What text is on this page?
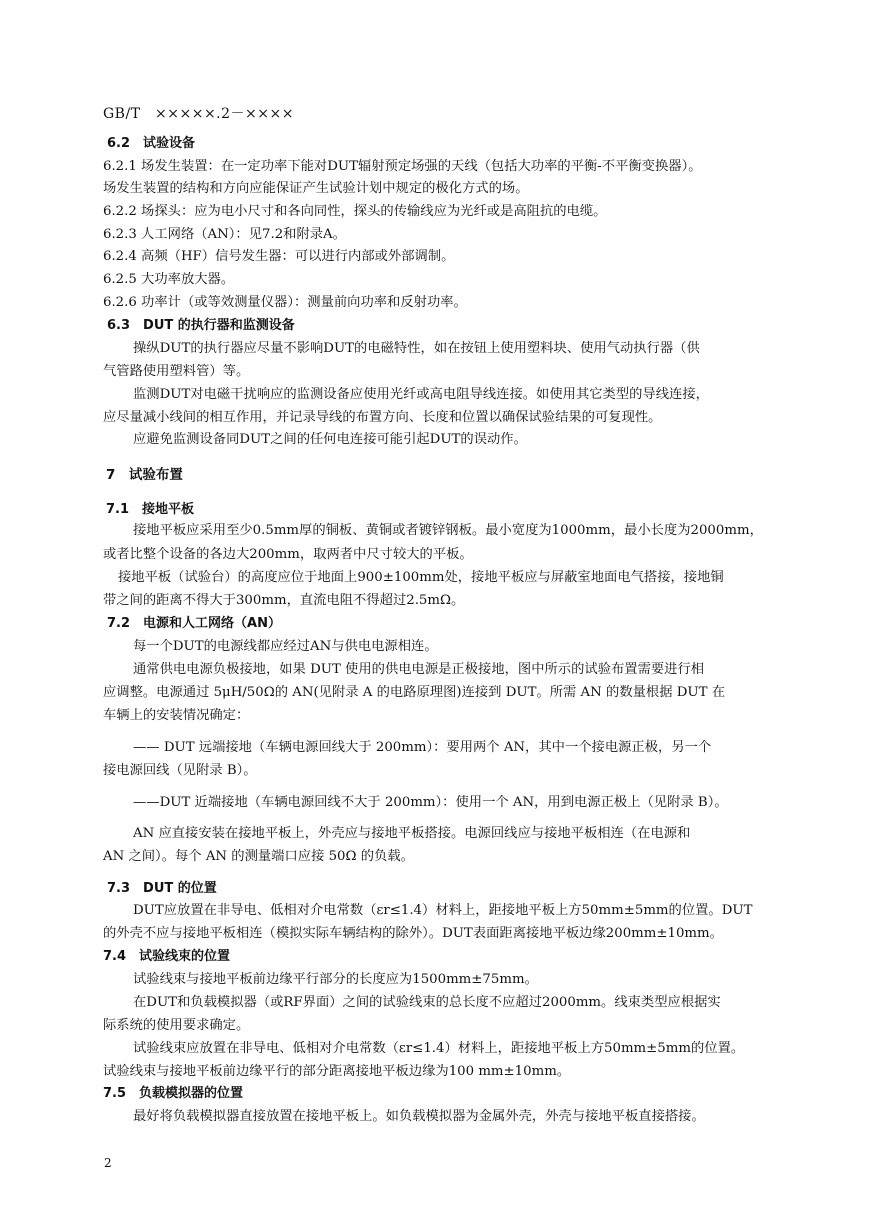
GB/T　×××××.2－××××
6.2　试验设备
6.2.1 场发生装置：在一定功率下能对DUT辐射预定场强的天线（包括大功率的平衡-不平衡变换器）。
场发生装置的结构和方向应能保证产生试验计划中规定的极化方式的场。
6.2.2 场探头：应为电小尺寸和各向同性，探头的传输线应为光纤或是高阻抗的电缆。
6.2.3 人工网络（AN）：见7.2和附录A。
6.2.4 高频（HF）信号发生器：可以进行内部或外部调制。
6.2.5 大功率放大器。
6.2.6 功率计（或等效测量仪器）：测量前向功率和反射功率。
6.3　DUT 的执行器和监测设备
操纵DUT的执行器应尽量不影响DUT的电磁特性，如在按钮上使用塑料块、使用气动执行器（供
气管路使用塑料管）等。
监测DUT对电磁干扰响应的监测设备应使用光纤或高电阻导线连接。如使用其它类型的导线连接，
应尽量减小线间的相互作用，并记录导线的布置方向、长度和位置以确保试验结果的可复现性。
应避免监测设备同DUT之间的任何电连接可能引起DUT的误动作。
7　试验布置
7.1　接地平板
接地平板应采用至少0.5mm厚的铜板、黄铜或者镀锌钢板。最小宽度为1000mm，最小长度为2000mm，
或者比整个设备的各边大200mm，取两者中尺寸较大的平板。
接地平板（试验台）的高度应位于地面上900±100mm处，接地平板应与屏蔽室地面电气搭接，接地铜
带之间的距离不得大于300mm，直流电阻不得超过2.5mΩ。
7.2　电源和人工网络（AN）
每一个DUT的电源线都应经过AN与供电电源相连。
通常供电电源负极接地，如果 DUT 使用的供电电源是正极接地，图中所示的试验布置需要进行相
应调整。电源通过 5μH/50Ω的 AN(见附录 A 的电路原理图)连接到 DUT。所需 AN 的数量根据 DUT 在
车辆上的安装情况确定：
—— DUT 远端接地（车辆电源回线大于 200mm）：要用两个 AN，其中一个接电源正极，另一个
接电源回线（见附录 B）。
——DUT 近端接地（车辆电源回线不大于 200mm）：使用一个 AN，用到电源正极上（见附录 B）。
AN 应直接安装在接地平板上，外壳应与接地平板搭接。电源回线应与接地平板相连（在电源和
AN 之间）。每个 AN 的测量端口应接 50Ω 的负载。
7.3　DUT 的位置
DUT应放置在非导电、低相对介电常数（εr≤1.4）材料上，距接地平板上方50mm±5mm的位置。DUT
的外壳不应与接地平板相连（模拟实际车辆结构的除外）。DUT表面距离接地平板边缘200mm±10mm。
7.4　试验线束的位置
试验线束与接地平板前边缘平行部分的长度应为1500mm±75mm。
在DUT和负载模拟器（或RF界面）之间的试验线束的总长度不应超过2000mm。线束类型应根据实
际系统的使用要求确定。
试验线束应放置在非导电、低相对介电常数（εr≤1.4）材料上，距接地平板上方50mm±5mm的位置。
试验线束与接地平板前边缘平行的部分距离接地平板边缘为100 mm±10mm。
7.5　负载模拟器的位置
最好将负载模拟器直接放置在接地平板上。如负载模拟器为金属外壳，外壳与接地平板直接搭接。
2
